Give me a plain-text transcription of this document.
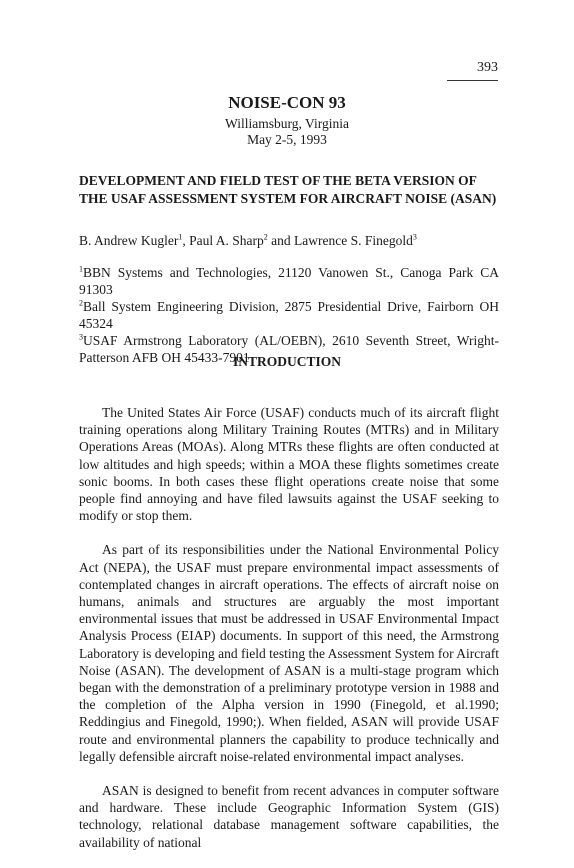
393
NOISE-CON 93
Williamsburg, Virginia
May 2-5, 1993
DEVELOPMENT AND FIELD TEST OF THE BETA VERSION OF THE USAF ASSESSMENT SYSTEM FOR AIRCRAFT NOISE (ASAN)
B. Andrew Kugler$^1$, Paul A. Sharp$^2$ and Lawrence S. Finegold$^3$
$^1$BBN Systems and Technologies, 21120 Vanowen St., Canoga Park CA 91303
$^2$Ball System Engineering Division, 2875 Presidential Drive, Fairborn OH 45324
$^3$USAF Armstrong Laboratory (AL/OEBN), 2610 Seventh Street, Wright-Patterson AFB OH 45433-7901
INTRODUCTION

The United States Air Force (USAF) conducts much of its aircraft flight training operations along Military Training Routes (MTRs) and in Military Operations Areas (MOAs). Along MTRs these flights are often conducted at low altitudes and high speeds; within a MOA these flights sometimes create sonic booms. In both cases these flight operations create noise that some people find annoying and have filed lawsuits against the USAF seeking to modify or stop them.

As part of its responsibilities under the National Environmental Policy Act (NEPA), the USAF must prepare environmental impact assessments of contemplated changes in aircraft operations. The effects of aircraft noise on humans, animals and structures are arguably the most important environmental issues that must be addressed in USAF Environmental Impact Analysis Process (EIAP) documents. In support of this need, the Armstrong Laboratory is developing and field testing the Assessment System for Aircraft Noise (ASAN). The development of ASAN is a multi-stage program which began with the demonstration of a preliminary prototype version in 1988 and the completion of the Alpha version in 1990 (Finegold, et al.1990; Reddingius and Finegold, 1990;). When fielded, ASAN will provide USAF route and environmental planners the capability to produce technically and legally defensible aircraft noise-related environmental impact analyses.

ASAN is designed to benefit from recent advances in computer software and hardware. These include Geographic Information System (GIS) technology, relational database management software capabilities, the availability of national
